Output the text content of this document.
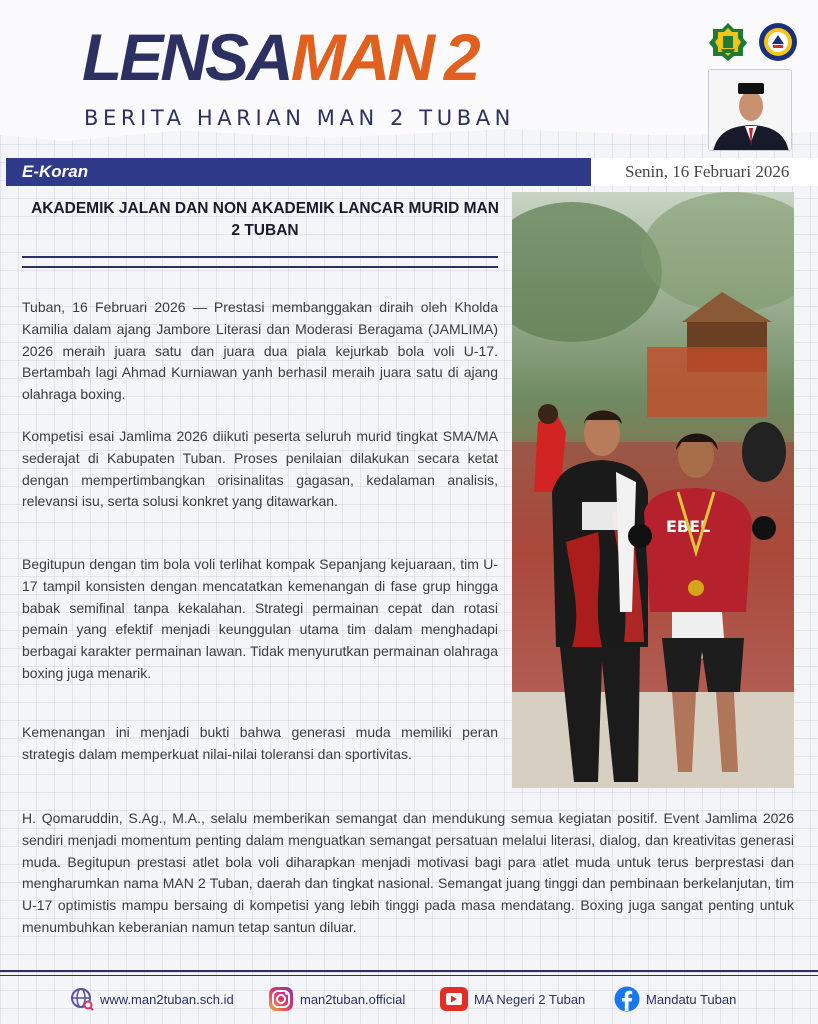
LENSAMAN 2
BERITA HARIAN MAN 2 TUBAN
E-Koran	Senin, 16 Februari 2026
AKADEMIK JALAN DAN NON AKADEMIK LANCAR MURID MAN 2 TUBAN

Tuban, 16 Februari 2026 — Prestasi membanggakan diraih oleh Kholda Kamilia dalam ajang Jambore Literasi dan Moderasi Beragama (JAMLIMA) 2026 meraih juara satu dan juara dua piala kejurkab bola voli U-17. Bertambah lagi Ahmad Kurniawan yanh berhasil meraih juara satu di ajang olahraga boxing.

Kompetisi esai Jamlima 2026 diikuti peserta seluruh murid tingkat SMA/MA sederajat di Kabupaten Tuban. Proses penilaian dilakukan secara ketat dengan mempertimbangkan orisinalitas gagasan, kedalaman analisis, relevansi isu, serta solusi konkret yang ditawarkan.

Begitupun dengan tim bola voli terlihat kompak Sepanjang kejuaraan, tim U-17 tampil konsisten dengan mencatatkan kemenangan di fase grup hingga babak semifinal tanpa kekalahan. Strategi permainan cepat dan rotasi pemain yang efektif menjadi keunggulan utama tim dalam menghadapi berbagai karakter permainan lawan. Tidak menyurutkan permainan olahraga boxing juga menarik.

Kemenangan ini menjadi bukti bahwa generasi muda memiliki peran strategis dalam memperkuat nilai-nilai toleransi dan sportivitas.

EBEL

H. Qomaruddin, S.Ag., M.A., selalu memberikan semangat dan mendukung semua kegiatan positif. Event Jamlima 2026 sendiri menjadi momentum penting dalam menguatkan semangat persatuan melalui literasi, dialog, dan kreativitas generasi muda. Begitupun prestasi atlet bola voli diharapkan menjadi motivasi bagi para atlet muda untuk terus berprestasi dan mengharumkan nama MAN 2 Tuban, daerah dan tingkat nasional. Semangat juang tinggi dan pembinaan berkelanjutan, tim U-17 optimistis mampu bersaing di kompetisi yang lebih tinggi pada masa mendatang. Boxing juga sangat penting untuk menumbuhkan keberanian namun tetap santun diluar.

www.man2tuban.sch.id	man2tuban.official	MA Negeri 2 Tuban	Mandatu Tuban
